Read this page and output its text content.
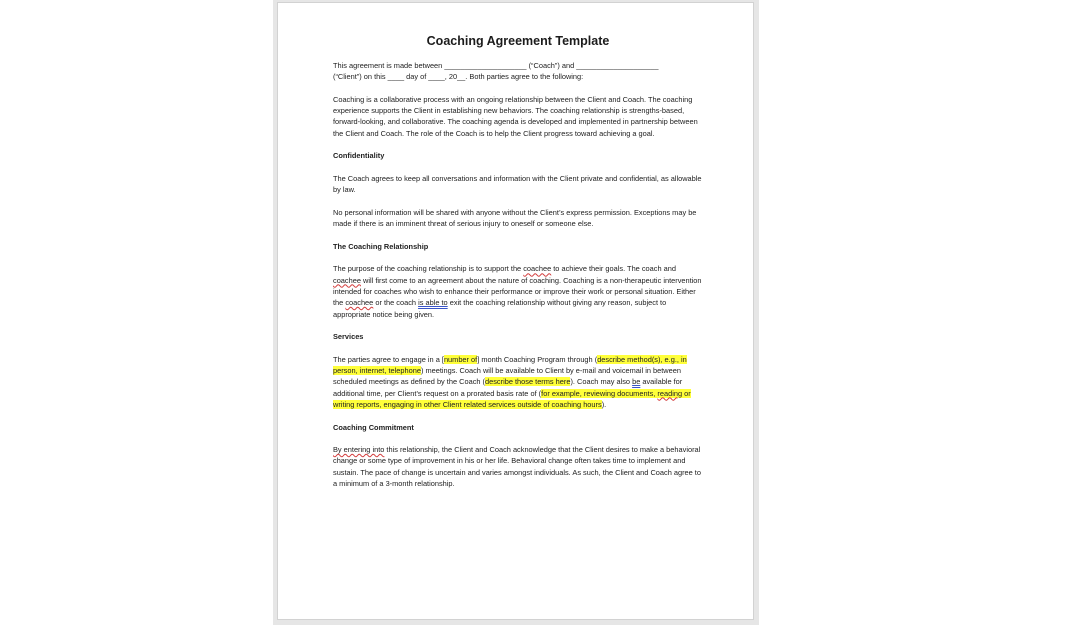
Coaching Agreement Template

This agreement is made between ____________________ (“Coach”) and ____________________
(“Client”) on this ____ day of ____, 20__. Both parties agree to the following:

Coaching is a collaborative process with an ongoing relationship between the Client and Coach. The coaching experience supports the Client in establishing new behaviors. The coaching relationship is strengths-based, forward-looking, and collaborative. The coaching agenda is developed and implemented in partnership between the Client and Coach. The role of the Coach is to help the Client progress toward achieving a goal.

Confidentiality

The Coach agrees to keep all conversations and information with the Client private and confidential, as allowable by law.

No personal information will be shared with anyone without the Client’s express permission. Exceptions may be made if there is an imminent threat of serious injury to oneself or someone else.

The Coaching Relationship

The purpose of the coaching relationship is to support the coachee to achieve their goals. The coach and coachee will first come to an agreement about the nature of coaching. Coaching is a non-therapeutic intervention intended for coaches who wish to enhance their performance or improve their work or personal situation. Either the coachee or the coach is able to exit the coaching relationship without giving any reason, subject to appropriate notice being given.

Services

The parties agree to engage in a [number of] month Coaching Program through (describe method(s), e.g., in person, internet, telephone) meetings. Coach will be available to Client by e-mail and voicemail in between scheduled meetings as defined by the Coach (describe those terms here). Coach may also be available for additional time, per Client’s request on a prorated basis rate of (for example, reviewing documents, reading or writing reports, engaging in other Client related services outside of coaching hours).

Coaching Commitment

By entering into this relationship, the Client and Coach acknowledge that the Client desires to make a behavioral change or some type of improvement in his or her life. Behavioral change often takes time to implement and sustain. The pace of change is uncertain and varies amongst individuals. As such, the Client and Coach agree to a minimum of a 3-month relationship.
